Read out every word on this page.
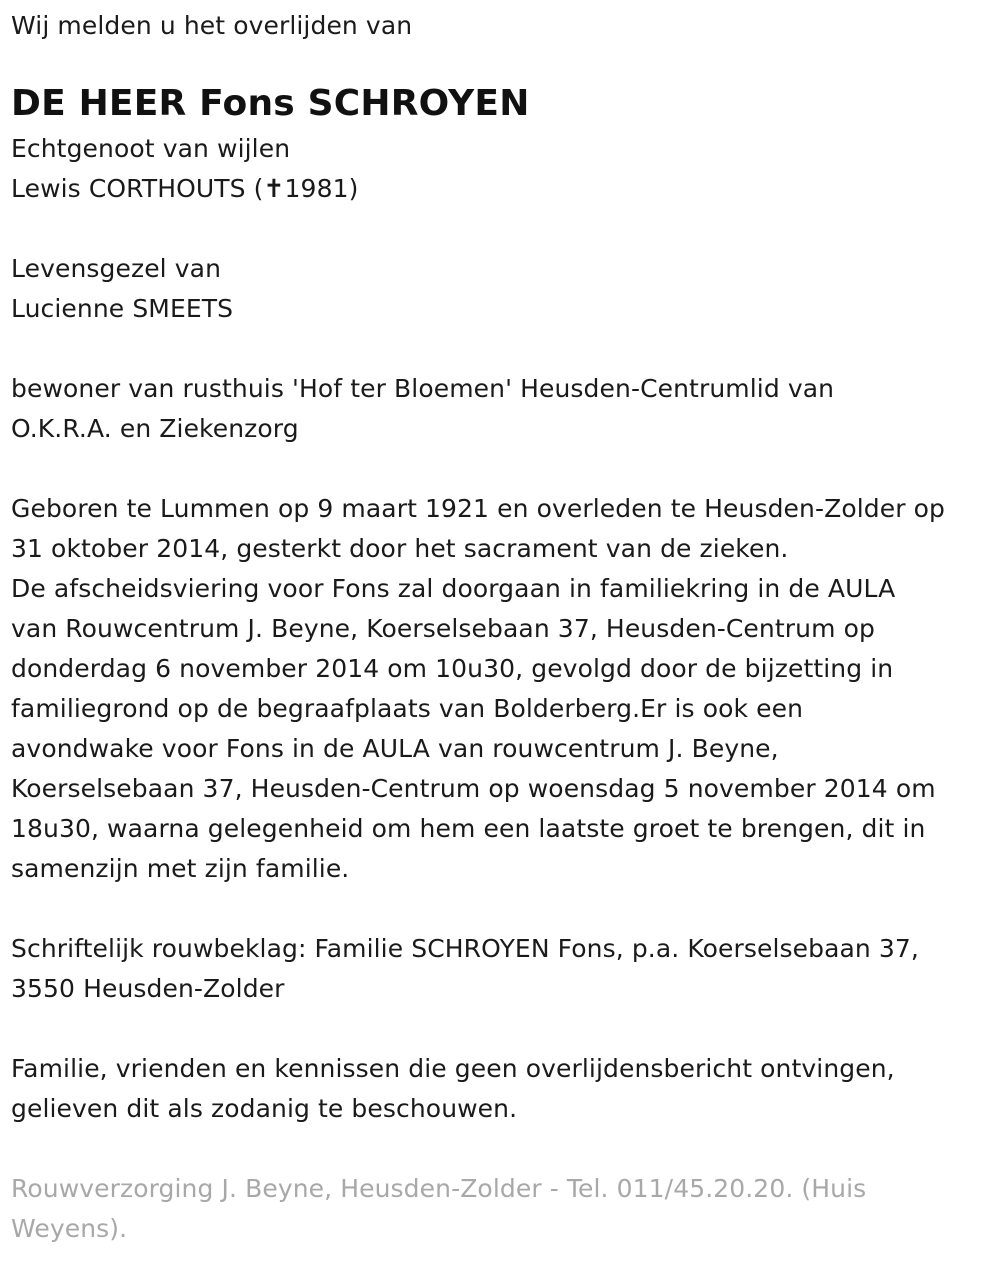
Wij melden u het overlijden van
DE HEER Fons SCHROYEN
Echtgenoot van wijlen
Lewis CORTHOUTS (✝1981)
Levensgezel van
Lucienne SMEETS
bewoner van rusthuis 'Hof ter Bloemen' Heusden-Centrumlid van
O.K.R.A. en Ziekenzorg
Geboren te Lummen op 9 maart 1921 en overleden te Heusden-Zolder op
31 oktober 2014, gesterkt door het sacrament van de zieken.
De afscheidsviering voor Fons zal doorgaan in familiekring in de AULA
van Rouwcentrum J. Beyne, Koerselsebaan 37, Heusden-Centrum op
donderdag 6 november 2014 om 10u30, gevolgd door de bijzetting in
familiegrond op de begraafplaats van Bolderberg.Er is ook een
avondwake voor Fons in de AULA van rouwcentrum J. Beyne,
Koerselsebaan 37, Heusden-Centrum op woensdag 5 november 2014 om
18u30, waarna gelegenheid om hem een laatste groet te brengen, dit in
samenzijn met zijn familie.
Schriftelijk rouwbeklag: Familie SCHROYEN Fons, p.a. Koerselsebaan 37,
3550 Heusden-Zolder
Familie, vrienden en kennissen die geen overlijdensbericht ontvingen,
gelieven dit als zodanig te beschouwen.
Rouwverzorging J. Beyne, Heusden-Zolder - Tel. 011/45.20.20. (Huis
Weyens).
